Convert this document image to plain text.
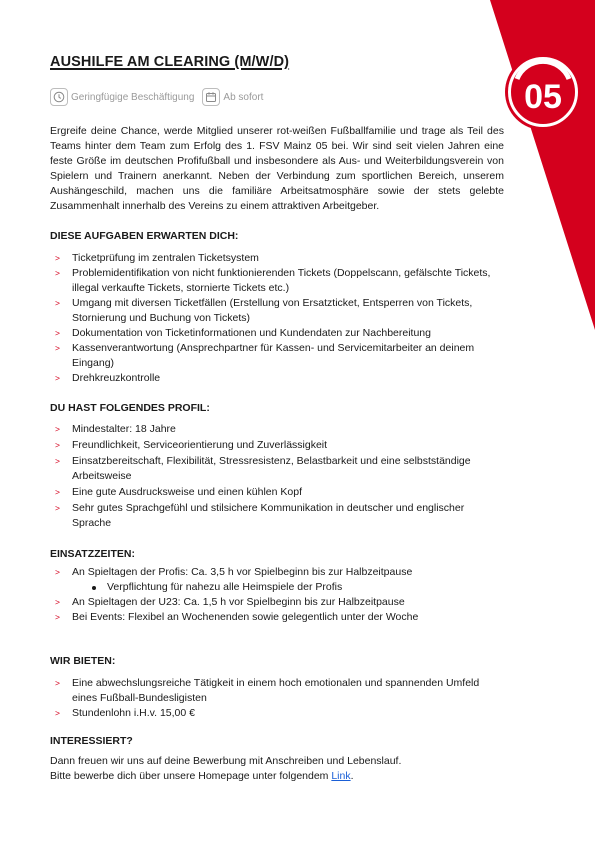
05
AUSHILFE AM CLEARING (M/W/D)
Geringfügige Beschäftigung	Ab sofort

Ergreife deine Chance, werde Mitglied unserer rot-weißen Fußballfamilie und trage als Teil des Teams hinter dem Team zum Erfolg des 1. FSV Mainz 05 bei. Wir sind seit vielen Jahren eine feste Größe im deutschen Profifußball und insbesondere als Aus- und Weiterbildungsverein von Spielern und Trainern anerkannt. Neben der Verbindung zum sportlichen Bereich, unserem Aushängeschild, machen uns die familiäre Arbeitsatmosphäre sowie der stets gelebte Zusammenhalt innerhalb des Vereins zu einem attraktiven Arbeitgeber.

DIESE AUFGABEN ERWARTEN DICH:
> Ticketprüfung im zentralen Ticketsystem
> Problemidentifikation von nicht funktionierenden Tickets (Doppelscann, gefälschte Tickets, illegal verkaufte Tickets, stornierte Tickets etc.)
> Umgang mit diversen Ticketfällen (Erstellung von Ersatzticket, Entsperren von Tickets, Stornierung und Buchung von Tickets)
> Dokumentation von Ticketinformationen und Kundendaten zur Nachbereitung
> Kassenverantwortung (Ansprechpartner für Kassen- und Servicemitarbeiter an deinem Eingang)
> Drehkreuzkontrolle
DU HAST FOLGENDES PROFIL:
> Mindestalter: 18 Jahre
> Freundlichkeit, Serviceorientierung und Zuverlässigkeit
> Einsatzbereitschaft, Flexibilität, Stressresistenz, Belastbarkeit und eine selbstständige Arbeitsweise
> Eine gute Ausdrucksweise und einen kühlen Kopf
> Sehr gutes Sprachgefühl und stilsichere Kommunikation in deutscher und englischer Sprache
EINSATZZEITEN:
> An Spieltagen der Profis: Ca. 3,5 h vor Spielbeginn bis zur Halbzeitpause
Verpflichtung für nahezu alle Heimspiele der Profis
> An Spieltagen der U23: Ca. 1,5 h vor Spielbeginn bis zur Halbzeitpause
> Bei Events: Flexibel an Wochenenden sowie gelegentlich unter der Woche
WIR BIETEN:
> Eine abwechslungsreiche Tätigkeit in einem hoch emotionalen und spannenden Umfeld eines Fußball-Bundesligisten
> Stundenlohn i.H.v. 15,00 €
INTERESSIERT?

Dann freuen wir uns auf deine Bewerbung mit Anschreiben und Lebenslauf.

Bitte bewerbe dich über unsere Homepage unter folgendem Link.
